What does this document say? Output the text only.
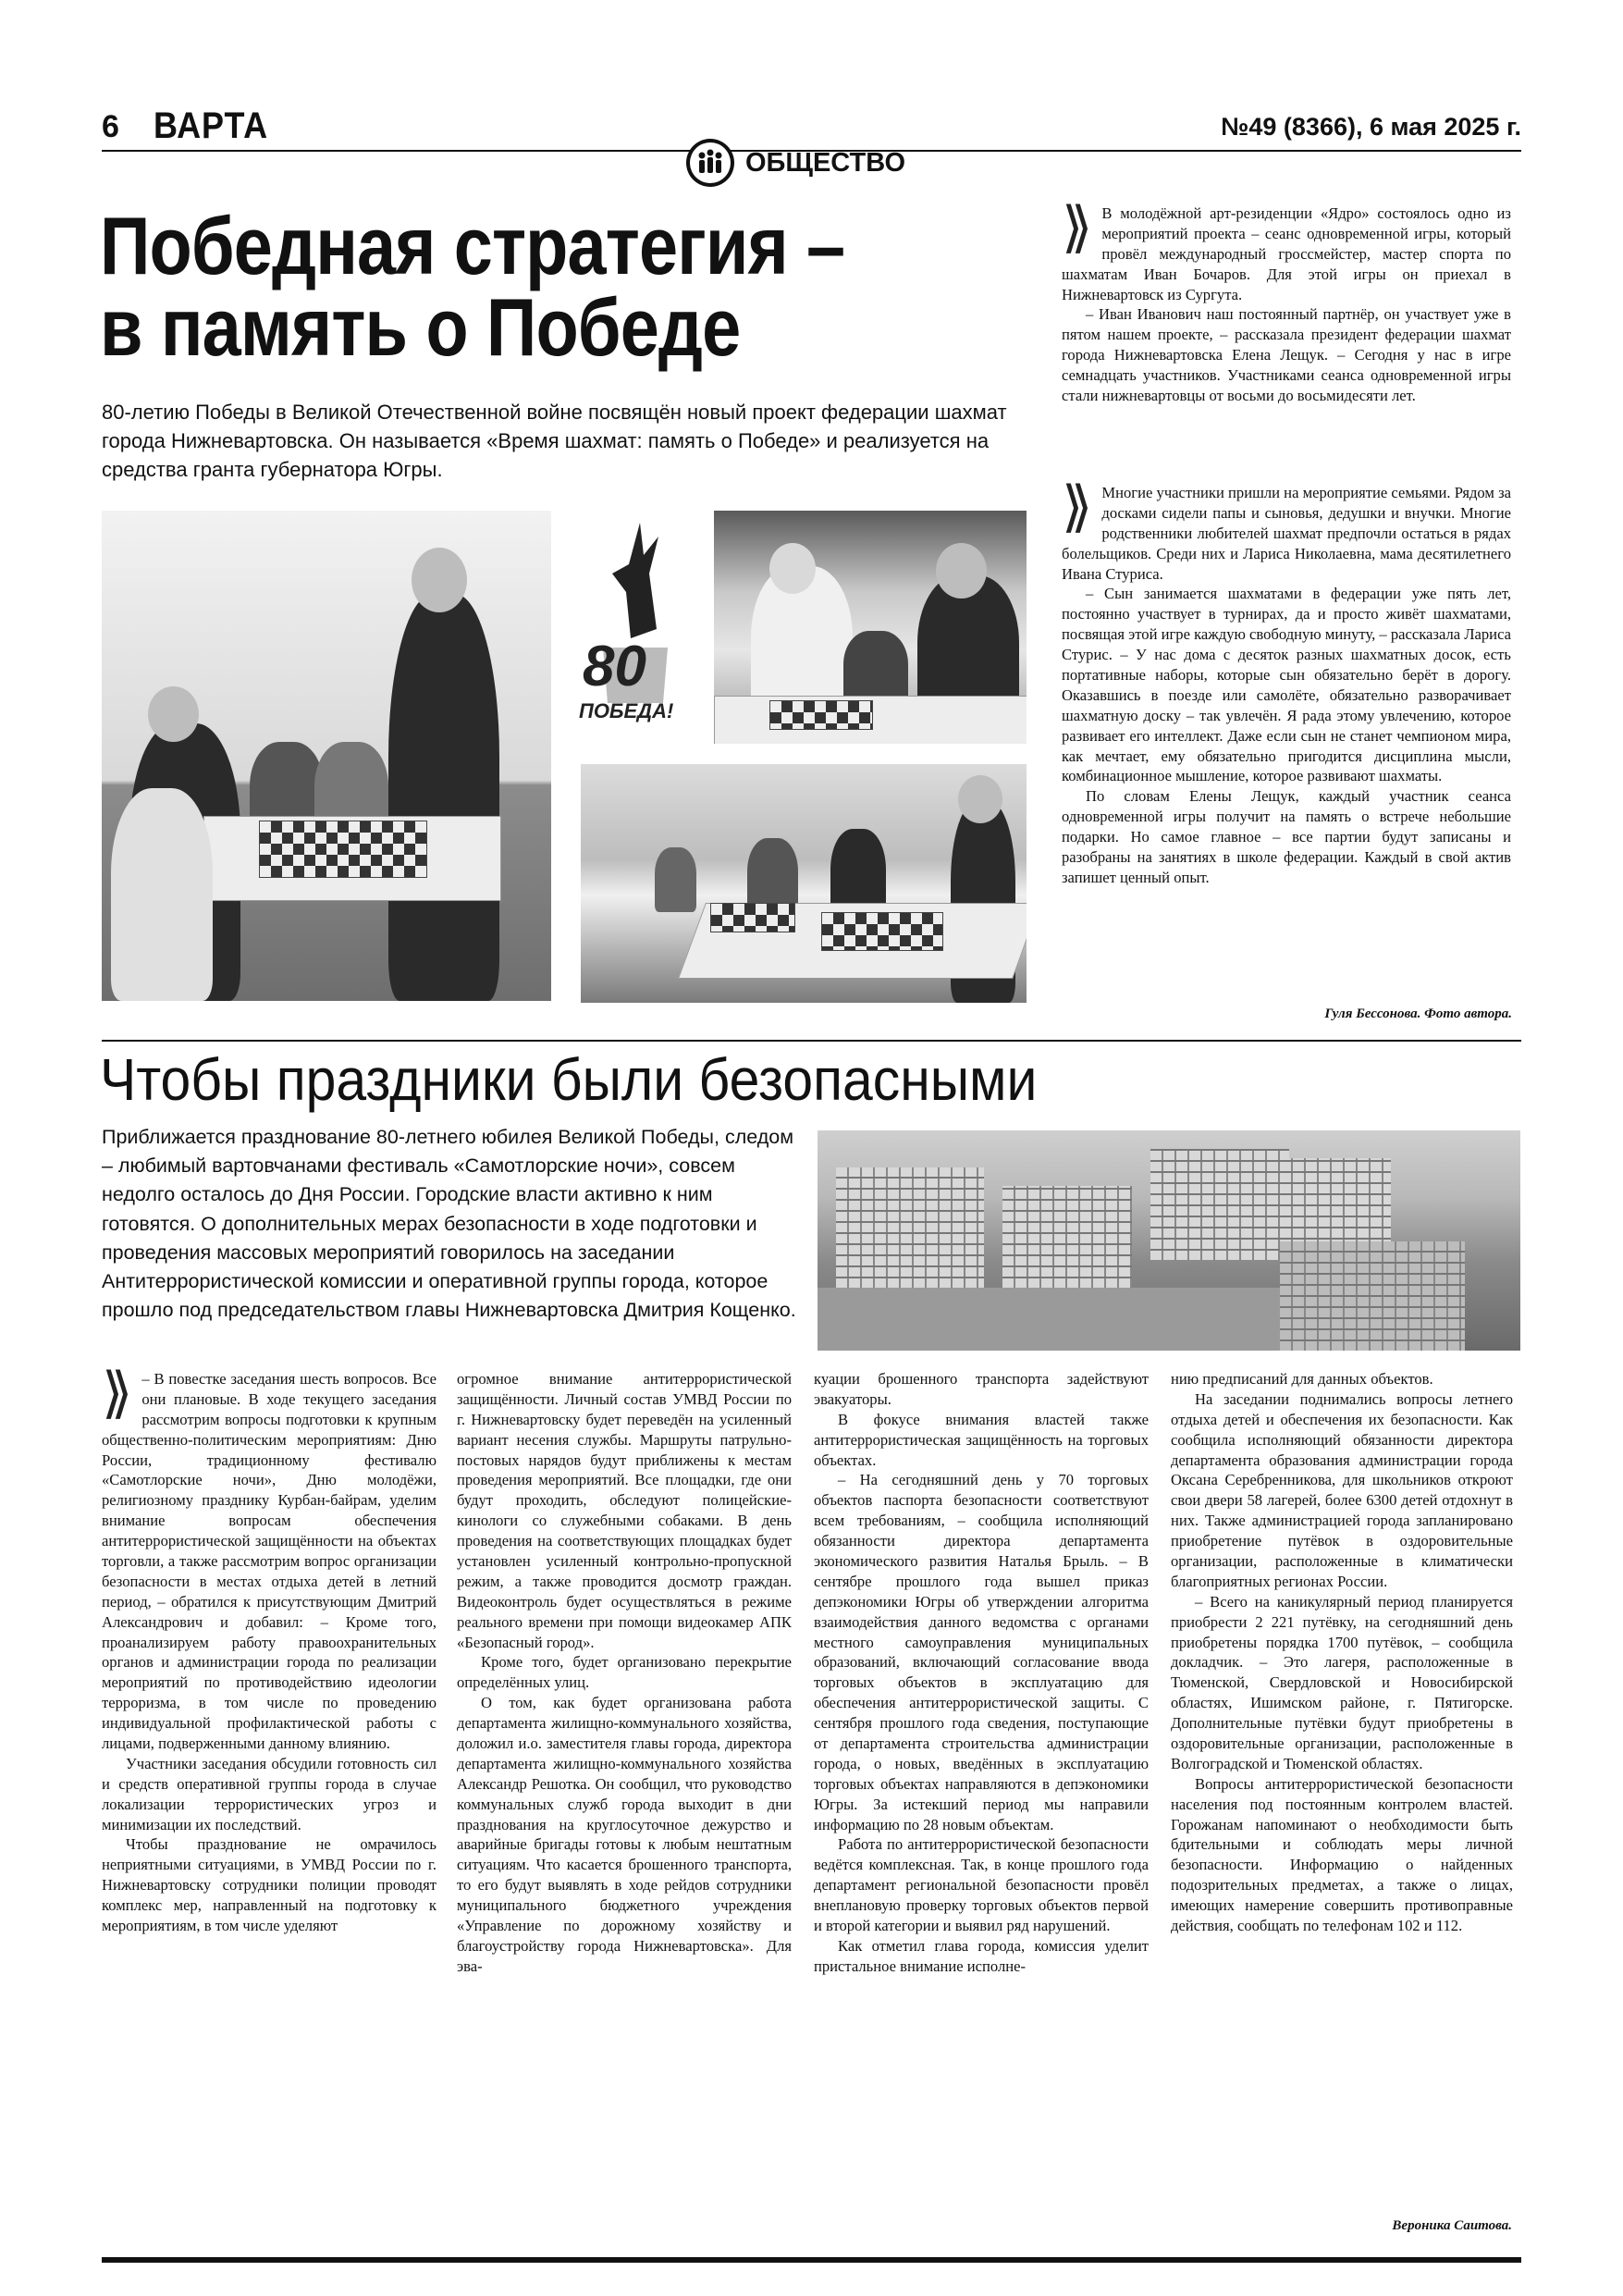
6 ВАРТА	№49 (8366), 6 мая 2025 г.
ОБЩЕСТВО
Победная стратегия –
в память о Победе
80-летию Победы в Великой Отечественной войне посвящён новый проект федерации шахмат города Нижневартовска. Он называется «Время шахмат: память о Победе» и реализуется на средства гранта губернатора Югры.
80
ПОБЕДА!
⟫ В молодёжной арт-резиденции «Ядро» состоялось одно из мероприятий проекта – сеанс одновременной игры, который провёл международный гроссмейстер, мастер спорта по шахматам Иван Бочаров. Для этой игры он приехал в Нижневартовск из Сургута.

– Иван Иванович наш постоянный партнёр, он участвует уже в пятом нашем проекте, – рассказала президент федерации шахмат города Нижневартовска Елена Лещук. – Сегодня у нас в игре семнадцать участников. Участниками сеанса одновременной игры стали нижневартовцы от восьми до восьмидесяти лет.

⟫ Многие участники пришли на мероприятие семьями. Рядом за досками сидели папы и сыновья, дедушки и внучки. Многие родственники любителей шахмат предпочли остаться в рядах болельщиков. Среди них и Лариса Николаевна, мама десятилетнего Ивана Стуриса.

– Сын занимается шахматами в федерации уже пять лет, постоянно участвует в турнирах, да и просто живёт шахматами, посвящая этой игре каждую свободную минуту, – рассказала Лариса Стурис. – У нас дома с десяток разных шахматных досок, есть портативные наборы, которые сын обязательно берёт в дорогу. Оказавшись в поезде или самолёте, обязательно разворачивает шахматную доску – так увлечён. Я рада этому увлечению, которое развивает его интеллект. Даже если сын не станет чемпионом мира, как мечтает, ему обязательно пригодится дисциплина мысли, комбинационное мышление, которое развивают шахматы.

По словам Елены Лещук, каждый участник сеанса одновременной игры получит на память о встрече небольшие подарки. Но самое главное – все партии будут записаны и разобраны на занятиях в школе федерации. Каждый в свой актив запишет ценный опыт.

Гуля Бессонова. Фото автора.
Чтобы праздники были безопасными
Приближается празднование 80-летнего юбилея Великой Победы, следом – любимый вартовчанами фестиваль «Самотлорские ночи», совсем недолго осталось до Дня России. Городские власти активно к ним готовятся. О дополнительных мерах безопасности в ходе подготовки и проведения массовых мероприятий говорилось на заседании Антитеррористической комиссии и оперативной группы города, которое прошло под председательством главы Нижневартовска Дмитрия Кощенко.
⟫ – В повестке заседания шесть вопросов. Все они плановые. В ходе текущего заседания рассмотрим вопросы подготовки к крупным общественно-политическим мероприятиям: Дню России, традиционному фестивалю «Самотлорские ночи», Дню молодёжи, религиозному празднику Курбан-байрам, уделим внимание вопросам обеспечения антитеррористической защищённости на объектах торговли, а также рассмотрим вопрос организации безопасности в местах отдыха детей в летний период, – обратился к присутствующим Дмитрий Александрович и добавил: – Кроме того, проанализируем работу правоохранительных органов и администрации города по реализации мероприятий по противодействию идеологии терроризма, в том числе по проведению индивидуальной профилактической работы с лицами, подверженными данному влиянию.

Участники заседания обсудили готовность сил и средств оперативной группы города в случае локализации террористических угроз и минимизации их последствий.

Чтобы празднование не омрачилось неприятными ситуациями, в УМВД России по г. Нижневартовску сотрудники полиции проводят комплекс мер, направленный на подготовку к мероприятиям, в том числе уделяют

огромное внимание антитеррористической защищённости. Личный состав УМВД России по г. Нижневартовску будет переведён на усиленный вариант несения службы. Маршруты патрульно-постовых нарядов будут приближены к местам проведения мероприятий. Все площадки, где они будут проходить, обследуют полицейские-кинологи со служебными собаками. В день проведения на соответствующих площадках будет установлен усиленный контрольно-пропускной режим, а также проводится досмотр граждан. Видеоконтроль будет осуществляться в режиме реального времени при помощи видеокамер АПК «Безопасный город».

Кроме того, будет организовано перекрытие определённых улиц.

О том, как будет организована работа департамента жилищно-коммунального хозяйства, доложил и.о. заместителя главы города, директора департамента жилищно-коммунального хозяйства Александр Решотка. Он сообщил, что руководство коммунальных служб города выходит в дни празднования на круглосуточное дежурство и аварийные бригады готовы к любым нештатным ситуациям. Что касается брошенного транспорта, то его будут выявлять в ходе рейдов сотрудники муниципального бюджетного учреждения «Управление по дорожному хозяйству и благоустройству города Нижневартовска». Для эва-

куации брошенного транспорта задействуют эвакуаторы.

В фокусе внимания властей также антитеррористическая защищённость на торговых объектах.

– На сегодняшний день у 70 торговых объектов паспорта безопасности соответствуют всем требованиям, – сообщила исполняющий обязанности директора департамента экономического развития Наталья Брыль. – В сентябре прошлого года вышел приказ депэкономики Югры об утверждении алгоритма взаимодействия данного ведомства с органами местного самоуправления муниципальных образований, включающий согласование ввода торговых объектов в эксплуатацию для обеспечения антитеррористической защиты. С сентября прошлого года сведения, поступающие от департамента строительства администрации города, о новых, введённых в эксплуатацию торговых объектах направляются в депэкономики Югры. За истекший период мы направили информацию по 28 новым объектам.

Работа по антитеррористической безопасности ведётся комплексная. Так, в конце прошлого года департамент региональной безопасности провёл внеплановую проверку торговых объектов первой и второй категории и выявил ряд нарушений.

Как отметил глава города, комиссия уделит пристальное внимание исполне-

нию предписаний для данных объектов.

На заседании поднимались вопросы летнего отдыха детей и обеспечения их безопасности. Как сообщила исполняющий обязанности директора департамента образования администрации города Оксана Серебренникова, для школьников откроют свои двери 58 лагерей, более 6300 детей отдохнут в них. Также администрацией города запланировано приобретение путёвок в оздоровительные организации, расположенные в климатически благоприятных регионах России.

– Всего на каникулярный период планируется приобрести 2 221 путёвку, на сегодняшний день приобретены порядка 1700 путёвок, – сообщила докладчик. – Это лагеря, расположенные в Тюменской, Свердловской и Новосибирской областях, Ишимском районе, г. Пятигорске. Дополнительные путёвки будут приобретены в оздоровительные организации, расположенные в Волгоградской и Тюменской областях.

Вопросы антитеррористической безопасности населения под постоянным контролем властей. Горожанам напоминают о необходимости быть бдительными и соблюдать меры личной безопасности. Информацию о найденных подозрительных предметах, а также о лицах, имеющих намерение совершить противоправные действия, сообщать по телефонам 102 и 112.

Вероника Саитова.
